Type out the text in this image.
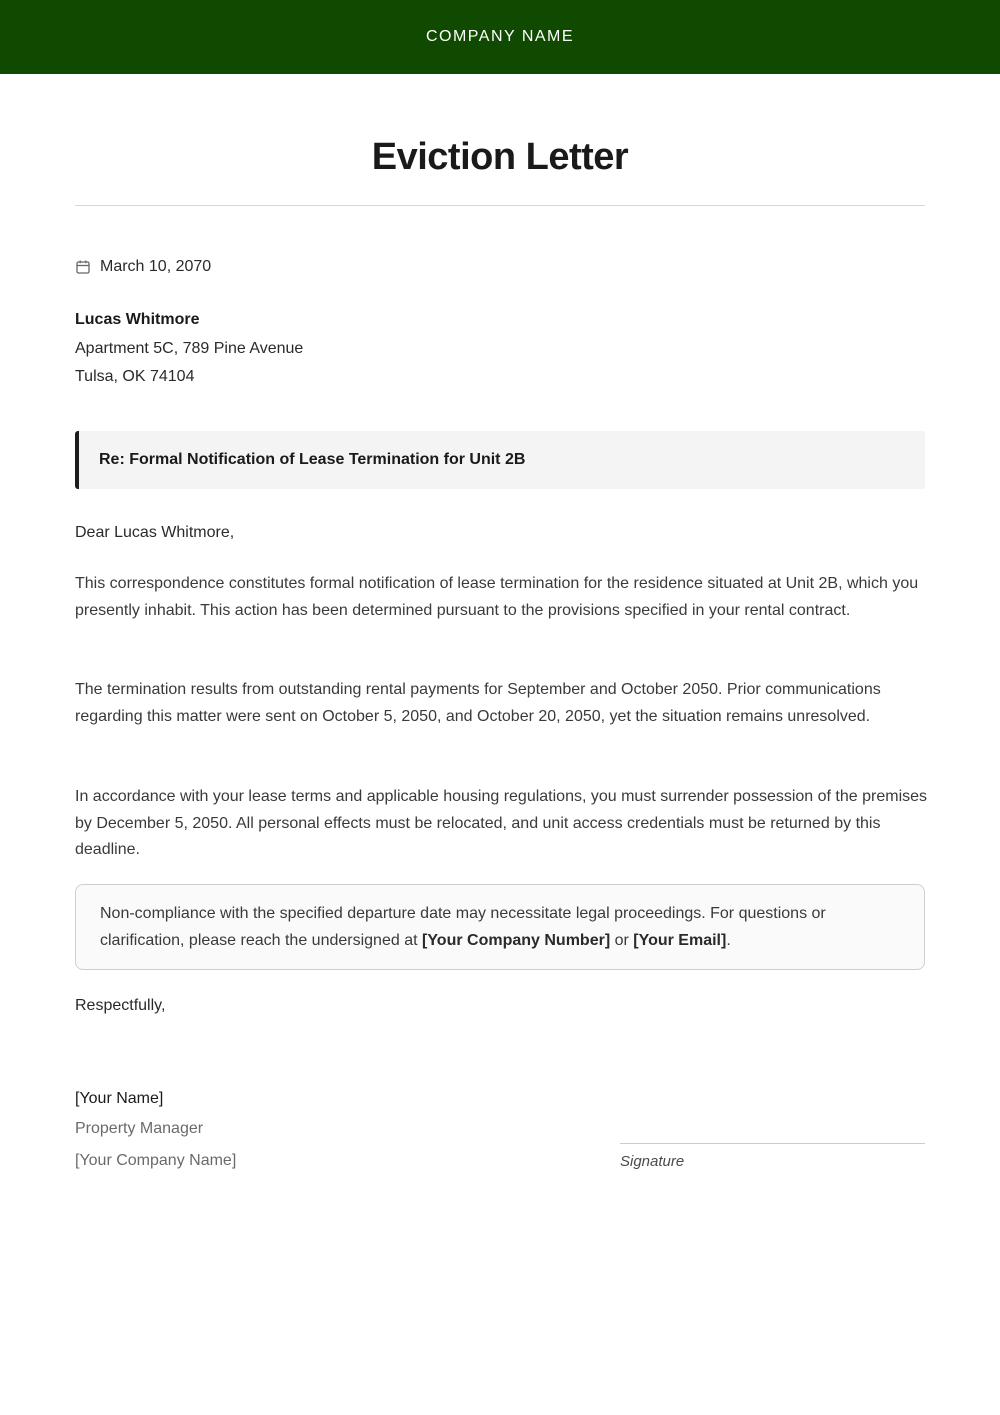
COMPANY NAME
Eviction Letter
March 10, 2070
Lucas Whitmore
Apartment 5C, 789 Pine Avenue
Tulsa, OK 74104
Re: Formal Notification of Lease Termination for Unit 2B
Dear Lucas Whitmore,

This correspondence constitutes formal notification of lease termination for the residence situated at Unit 2B, which you presently inhabit. This action has been determined pursuant to the provisions specified in your rental contract.

The termination results from outstanding rental payments for September and October 2050. Prior communications regarding this matter were sent on October 5, 2050, and October 20, 2050, yet the situation remains unresolved.

In accordance with your lease terms and applicable housing regulations, you must surrender possession of the premises by December 5, 2050. All personal effects must be relocated, and unit access credentials must be returned by this deadline.

Non-compliance with the specified departure date may necessitate legal proceedings. For questions or clarification, please reach the undersigned at [Your Company Number] or [Your Email].
Respectfully,
[Your Name]
Property Manager
[Your Company Name]	Signature
